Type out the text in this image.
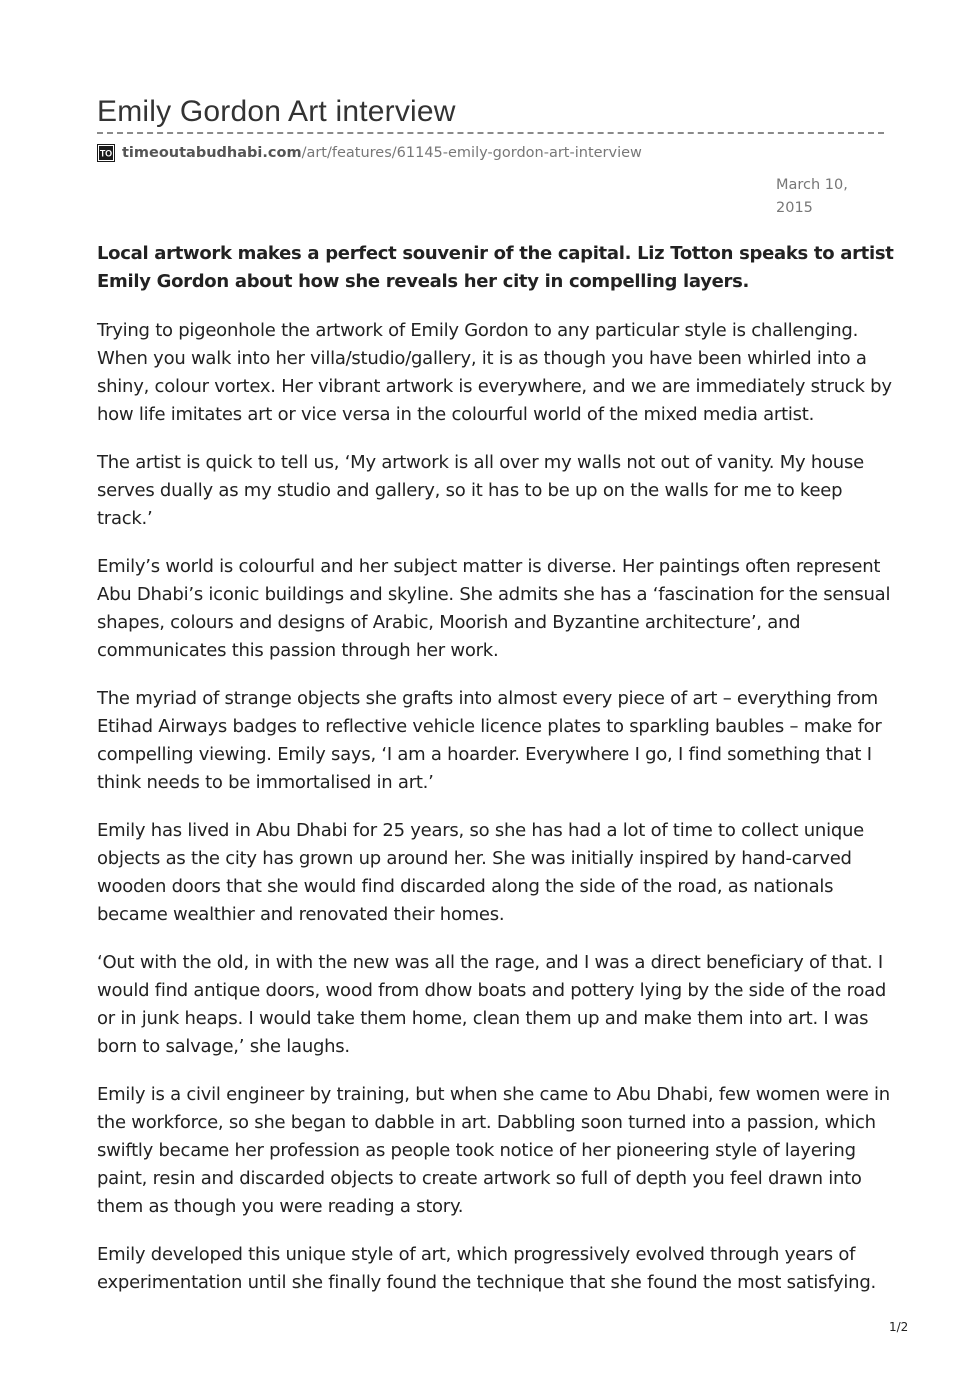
Emily Gordon Art interview
TO timeoutabudhabi.com /art/features/61145-emily-gordon-art-interview
March 10, 2015

Local artwork makes a perfect souvenir of the capital. Liz Totton speaks to artist Emily Gordon about how she reveals her city in compelling layers.

Trying to pigeonhole the artwork of Emily Gordon to any particular style is challenging. When you walk into her villa/studio/gallery, it is as though you have been whirled into a shiny, colour vortex. Her vibrant artwork is everywhere, and we are immediately struck by how life imitates art or vice versa in the colourful world of the mixed media artist.

The artist is quick to tell us, ‘My artwork is all over my walls not out of vanity. My house serves dually as my studio and gallery, so it has to be up on the walls for me to keep track.’

Emily’s world is colourful and her subject matter is diverse. Her paintings often represent Abu Dhabi’s iconic buildings and skyline. She admits she has a ‘fascination for the sensual shapes, colours and designs of Arabic, Moorish and Byzantine architecture’, and communicates this passion through her work.

The myriad of strange objects she grafts into almost every piece of art – everything from Etihad Airways badges to reflective vehicle licence plates to sparkling baubles – make for compelling viewing. Emily says, ‘I am a hoarder. Everywhere I go, I find something that I think needs to be immortalised in art.’

Emily has lived in Abu Dhabi for 25 years, so she has had a lot of time to collect unique objects as the city has grown up around her. She was initially inspired by hand-carved wooden doors that she would find discarded along the side of the road, as nationals became wealthier and renovated their homes.

‘Out with the old, in with the new was all the rage, and I was a direct beneficiary of that. I would find antique doors, wood from dhow boats and pottery lying by the side of the road or in junk heaps. I would take them home, clean them up and make them into art. I was born to salvage,’ she laughs.

Emily is a civil engineer by training, but when she came to Abu Dhabi, few women were in the workforce, so she began to dabble in art. Dabbling soon turned into a passion, which swiftly became her profession as people took notice of her pioneering style of layering paint, resin and discarded objects to create artwork so full of depth you feel drawn into them as though you were reading a story.

Emily developed this unique style of art, which progressively evolved through years of experimentation until she finally found the technique that she found the most satisfying.

1/2
